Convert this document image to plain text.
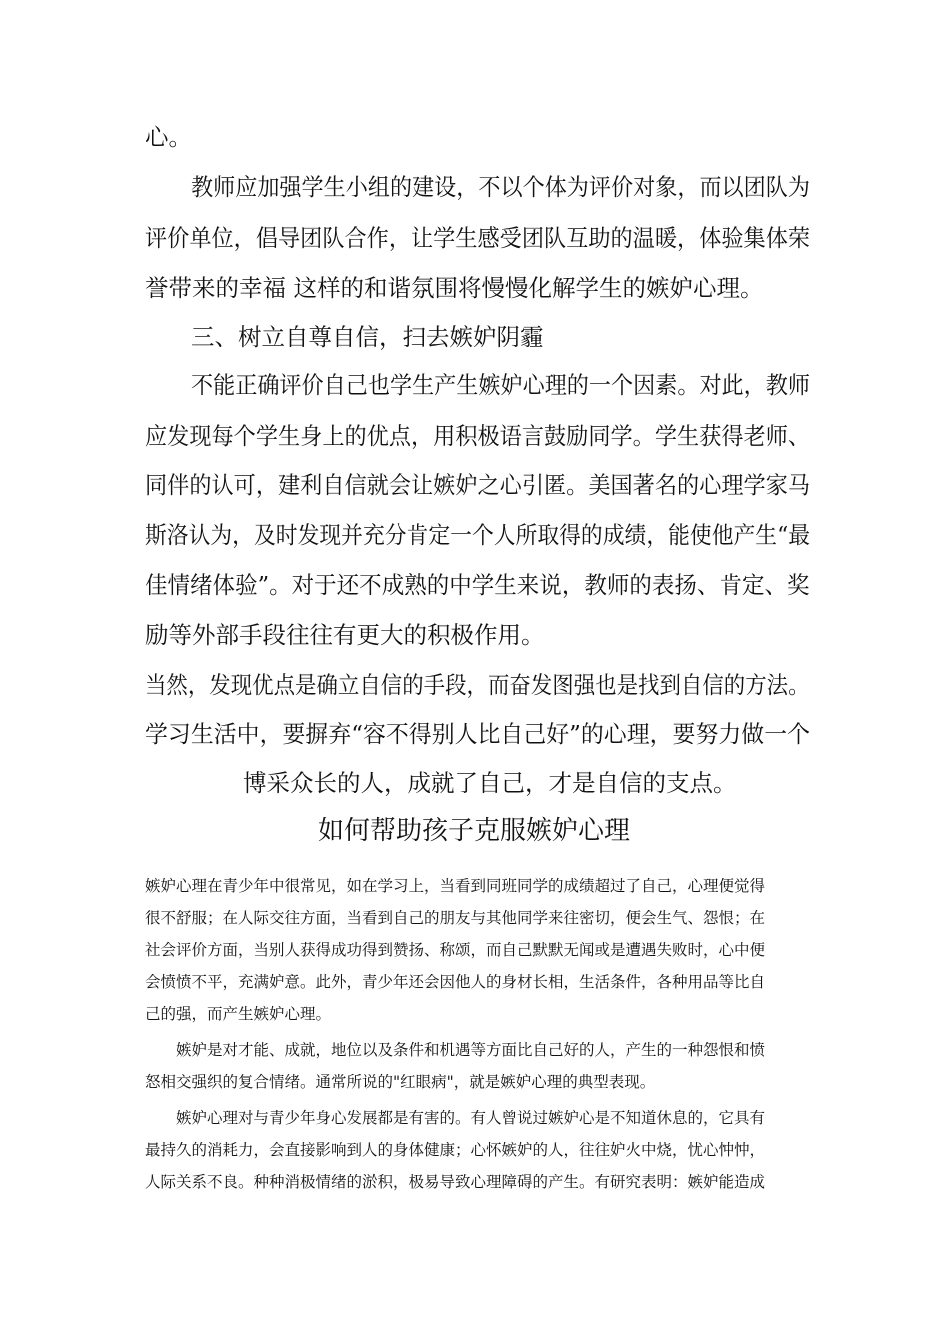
心。
教师应加强学生小组的建设，不以个体为评价对象，而以团队为
评价单位，倡导团队合作，让学生感受团队互助的温暖，体验集体荣
誉带来的幸福 这样的和谐氛围将慢慢化解学生的嫉妒心理。
三、树立自尊自信，扫去嫉妒阴霾
不能正确评价自己也学生产生嫉妒心理的一个因素。对此，教师
应发现每个学生身上的优点，用积极语言鼓励同学。学生获得老师、
同伴的认可，建利自信就会让嫉妒之心引匿。美国著名的心理学家马
斯洛认为，及时发现并充分肯定一个人所取得的成绩，能使他产生“最
佳情绪体验”。对于还不成熟的中学生来说，教师的表扬、肯定、奖
励等外部手段往往有更大的积极作用。
当然，发现优点是确立自信的手段，而奋发图强也是找到自信的方法。
学习生活中，要摒弃“容不得别人比自己好”的心理，要努力做一个
博采众长的人，成就了自己，才是自信的支点。
如何帮助孩子克服嫉妒心理
嫉妒心理在青少年中很常见，如在学习上，当看到同班同学的成绩超过了自己，心理便觉得
很不舒服；在人际交往方面，当看到自己的朋友与其他同学来往密切，便会生气、怨恨；在
社会评价方面，当别人获得成功得到赞扬、称颂，而自己默默无闻或是遭遇失败时，心中便
会愤愤不平，充满妒意。此外，青少年还会因他人的身材长相，生活条件，各种用品等比自
己的强，而产生嫉妒心理。
嫉妒是对才能、成就，地位以及条件和机遇等方面比自己好的人，产生的一种怨恨和愤
怒相交强织的复合情绪。通常所说的"红眼病"，就是嫉妒心理的典型表现。
嫉妒心理对与青少年身心发展都是有害的。有人曾说过嫉妒心是不知道休息的，它具有
最持久的消耗力，会直接影响到人的身体健康；心怀嫉妒的人，往往妒火中烧，忧心忡忡，
人际关系不良。种种消极情绪的淤积，极易导致心理障碍的产生。有研究表明：嫉妒能造成
